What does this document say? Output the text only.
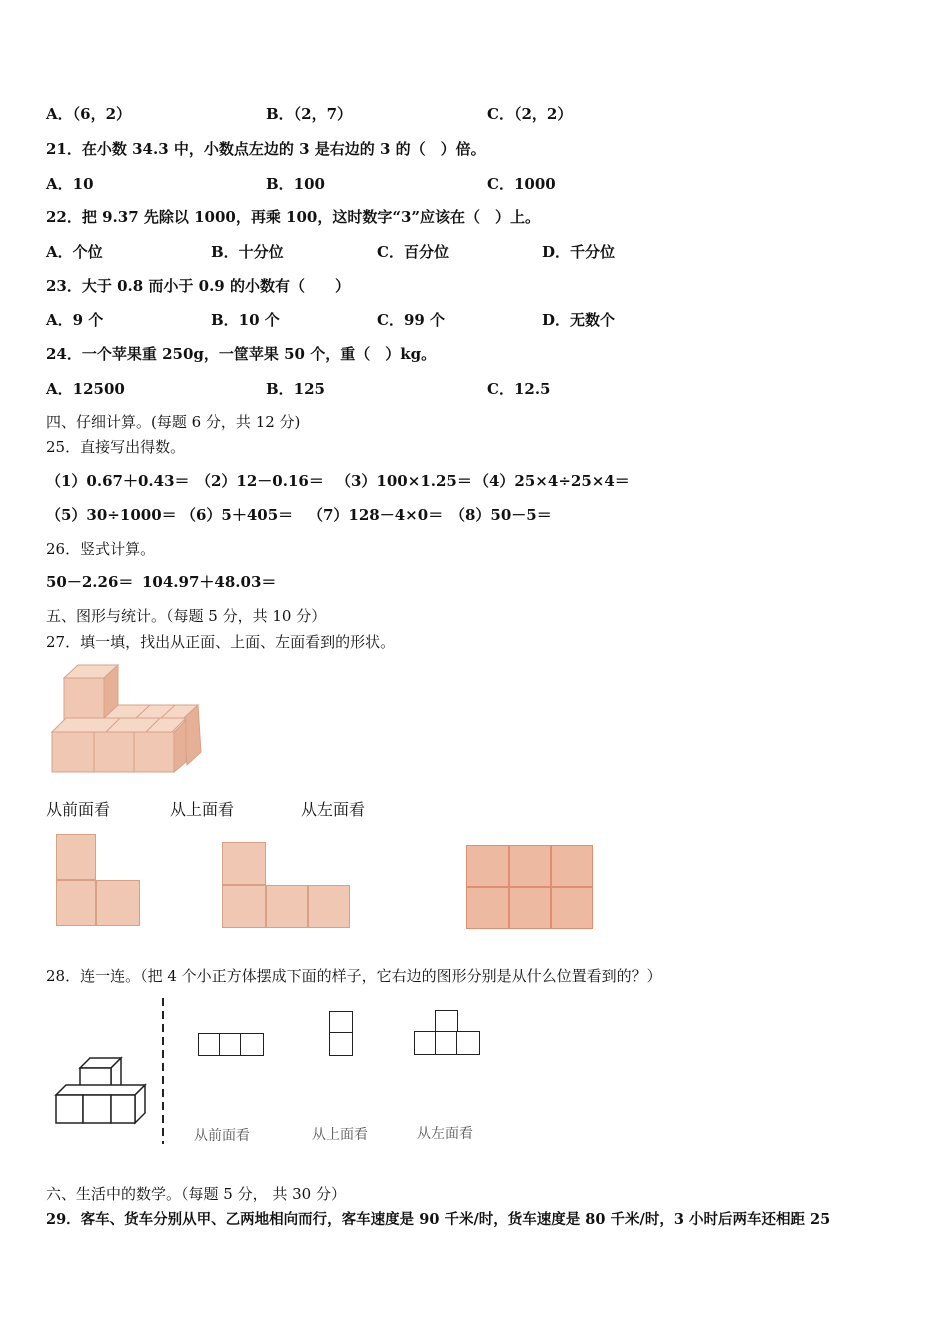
A．（6，2）	B．（2，7）	C．（2，2）
21．在小数 34.3 中，小数点左边的 3 是右边的 3 的（　）倍。
A．10	B．100	C．1000
22．把 9.37 先除以 1000，再乘 100，这时数字“3”应该在（　）上。
A．个位	B．十分位	C．百分位	D．千分位
23．大于 0.8 而小于 0.9 的小数有（　　）
A．9 个	B．10 个	C．99 个	D．无数个
24．一个苹果重 250g，一筐苹果 50 个，重（　）kg。
A．12500	B．125	C．12.5
四、仔细计算。(每题 6 分，共 12 分)
25．直接写出得数。
（1）0.67＋0.43＝ （2）12－0.16＝ （3）100×1.25＝ （4）25×4÷25×4＝
（5）30÷1000＝ （6）5＋405＝ （7）128－4×0＝ （8）50－5＝
26．竖式计算。
50－2.26＝ 104.97＋48.03＝
五、图形与统计。（每题 5 分，共 10 分）
27．填一填，找出从正面、上面、左面看到的形状。
从前面看	从上面看	从左面看
28．连一连。（把 4 个小正方体摆成下面的样子，它右边的图形分别是从什么位置看到的？）
从前面看	从上面看	从左面看
六、生活中的数学。（每题 5 分， 共 30 分）
29．客车、货车分别从甲、乙两地相向而行，客车速度是 90 千米/时，货车速度是 80 千米/时，3 小时后两车还相距 25
